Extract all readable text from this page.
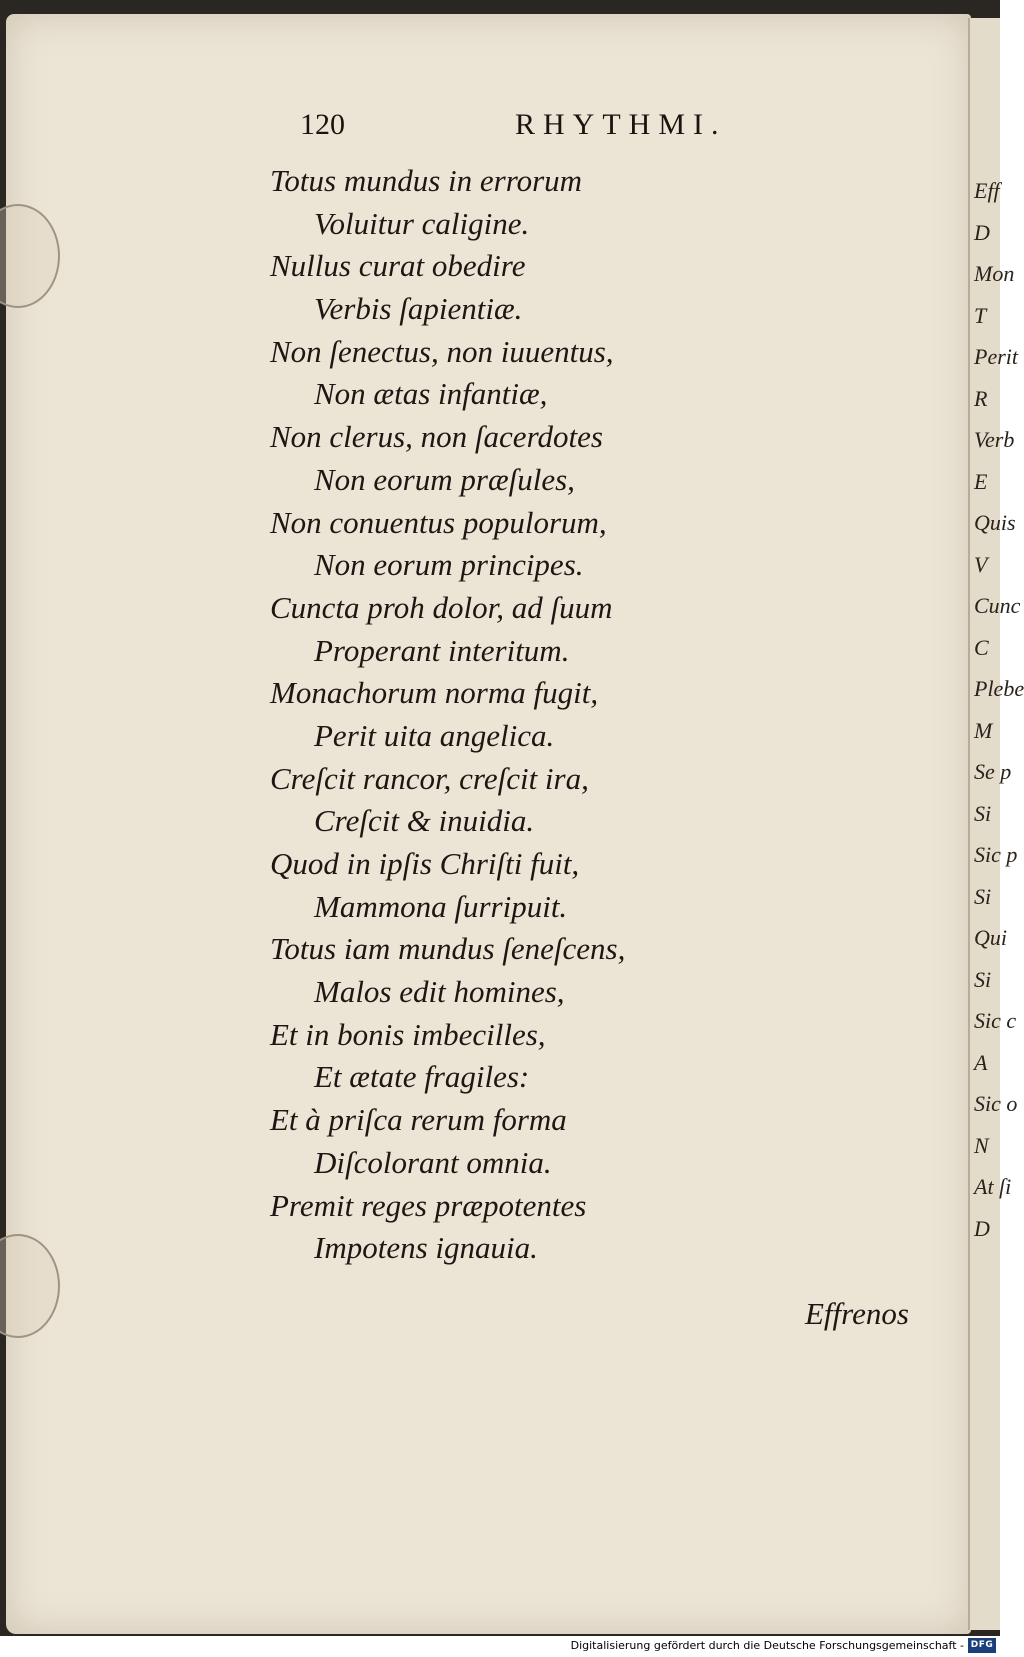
Eff
D
Mon
T
Perit
R
Verb
E
Quis
V
Cunc
C
Plebe
M
Se p
Si
Sic p
Si
Qui
Si
Sic c
A
Sic o
N
At ſi
D
120	RHYTHMI.
Totus mundus in errorum
Voluitur caligine.
Nullus curat obedire
Verbis ſapientiæ.
Non ſenectus, non iuuentus,
Non ætas infantiæ,
Non clerus, non ſacerdotes
Non eorum præſules,
Non conuentus populorum,
Non eorum principes.
Cuncta proh dolor, ad ſuum
Properant interitum.
Monachorum norma fugit,
Perit uita angelica.
Creſcit rancor, creſcit ira,
Creſcit & inuidia.
Quod in ipſis Chriſti fuit,
Mammona ſurripuit.
Totus iam mundus ſeneſcens,
Malos edit homines,
Et in bonis imbecilles,
Et ætate fragiles:
Et à priſca rerum forma
Diſcolorant omnia.
Premit reges præpotentes
Impotens ignauia.
Effrenos
Digitalisierung gefördert durch die Deutsche Forschungsgemeinschaft - DFG
